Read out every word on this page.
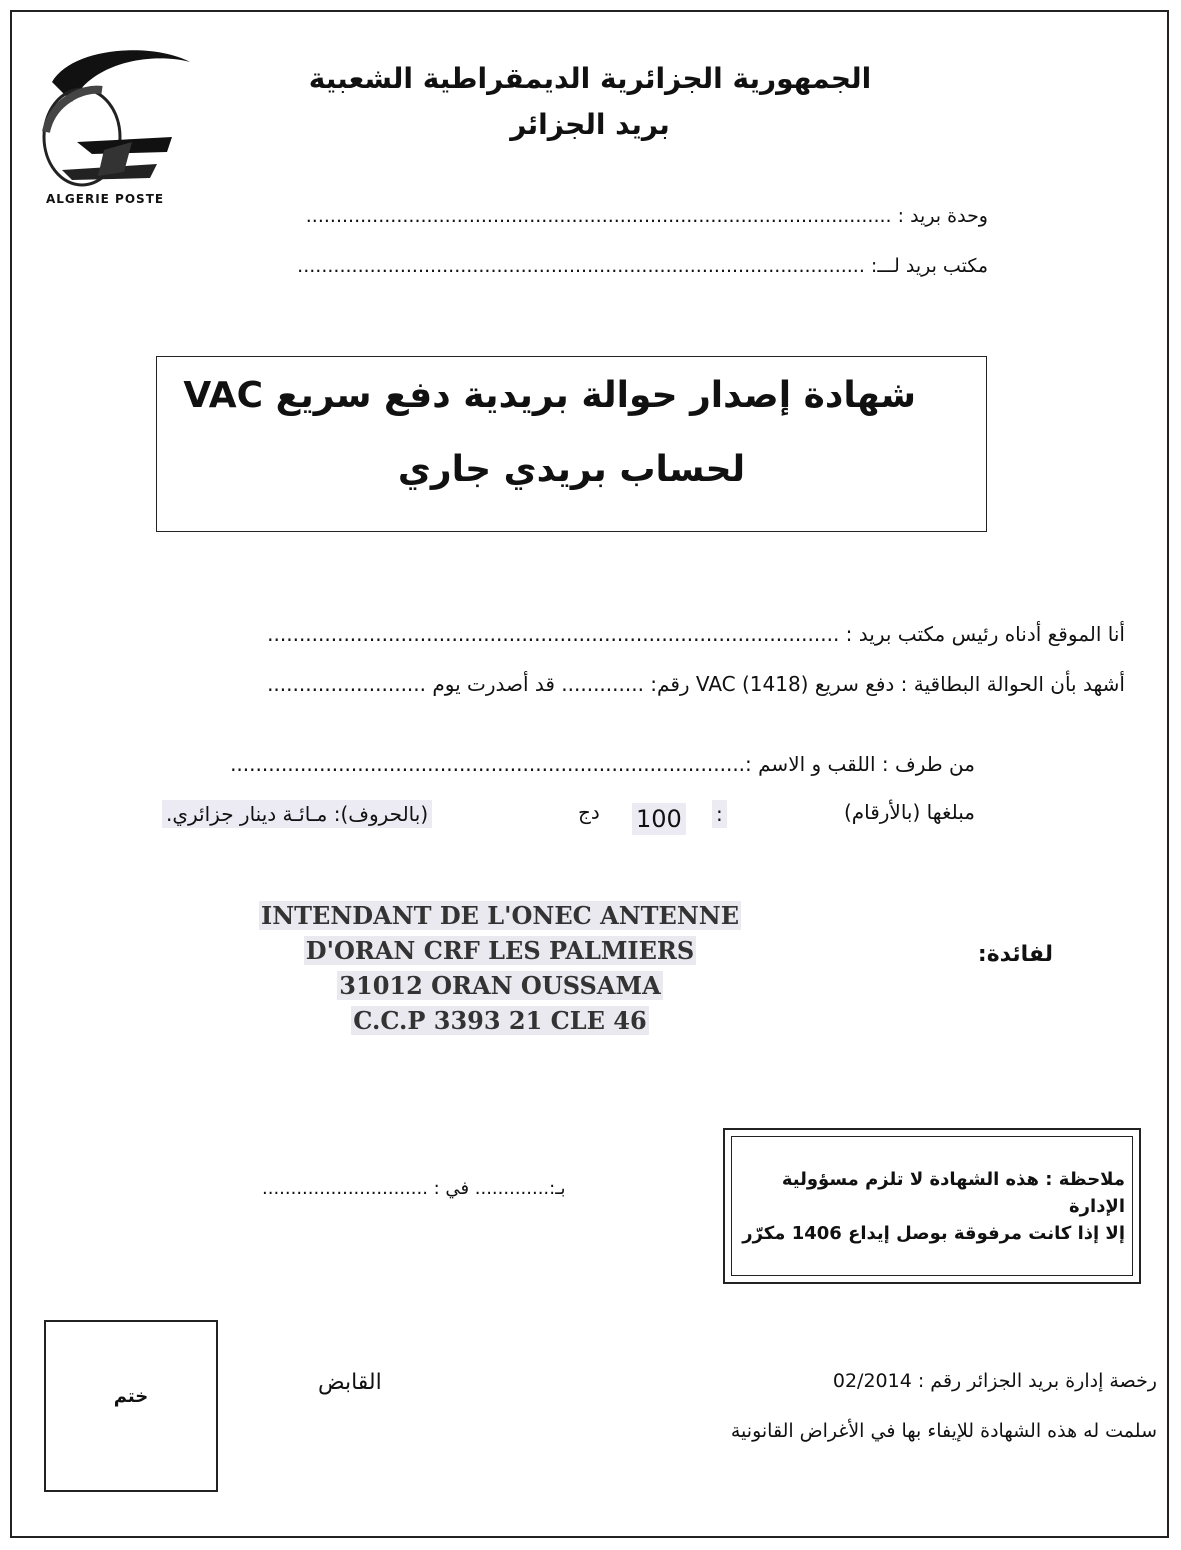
ALGERIE POSTE
الجمهورية الجزائرية الديمقراطية الشعبية
بريد الجزائر
وحدة بريد : .................................................................................................
مكتب بريد لـــ: ..............................................................................................
شهادة إصدار حوالة بريدية دفع سريع VAC
لحساب بريدي جاري
أنا الموقع أدناه رئيس مكتب بريد : ..........................................................................................
أشهد بأن الحوالة البطاقية : دفع سريع VAC (1418) رقم: ............. قد أصدرت يوم .........................
من طرف : اللقب و الاسم :.................................................................................
مبلغها (بالأرقام)
:
100
دج
(بالحروف): مـائـة دينار جزائري.
INTENDANT DE L'ONEC ANTENNE
D'ORAN CRF LES PALMIERS
31012 ORAN OUSSAMA
C.C.P 3393 21 CLE 46
لفائدة:
بـ:............. في : .............................	ملاحظة : هذه الشهادة لا تلزم مسؤولية الإدارة
إلا إذا كانت مرفوقة بوصل إيداع 1406 مكرّر
ختم
القابض	رخصة إدارة بريد الجزائر رقم : 02/2014
سلمت له هذه الشهادة للإيفاء بها في الأغراض القانونية
